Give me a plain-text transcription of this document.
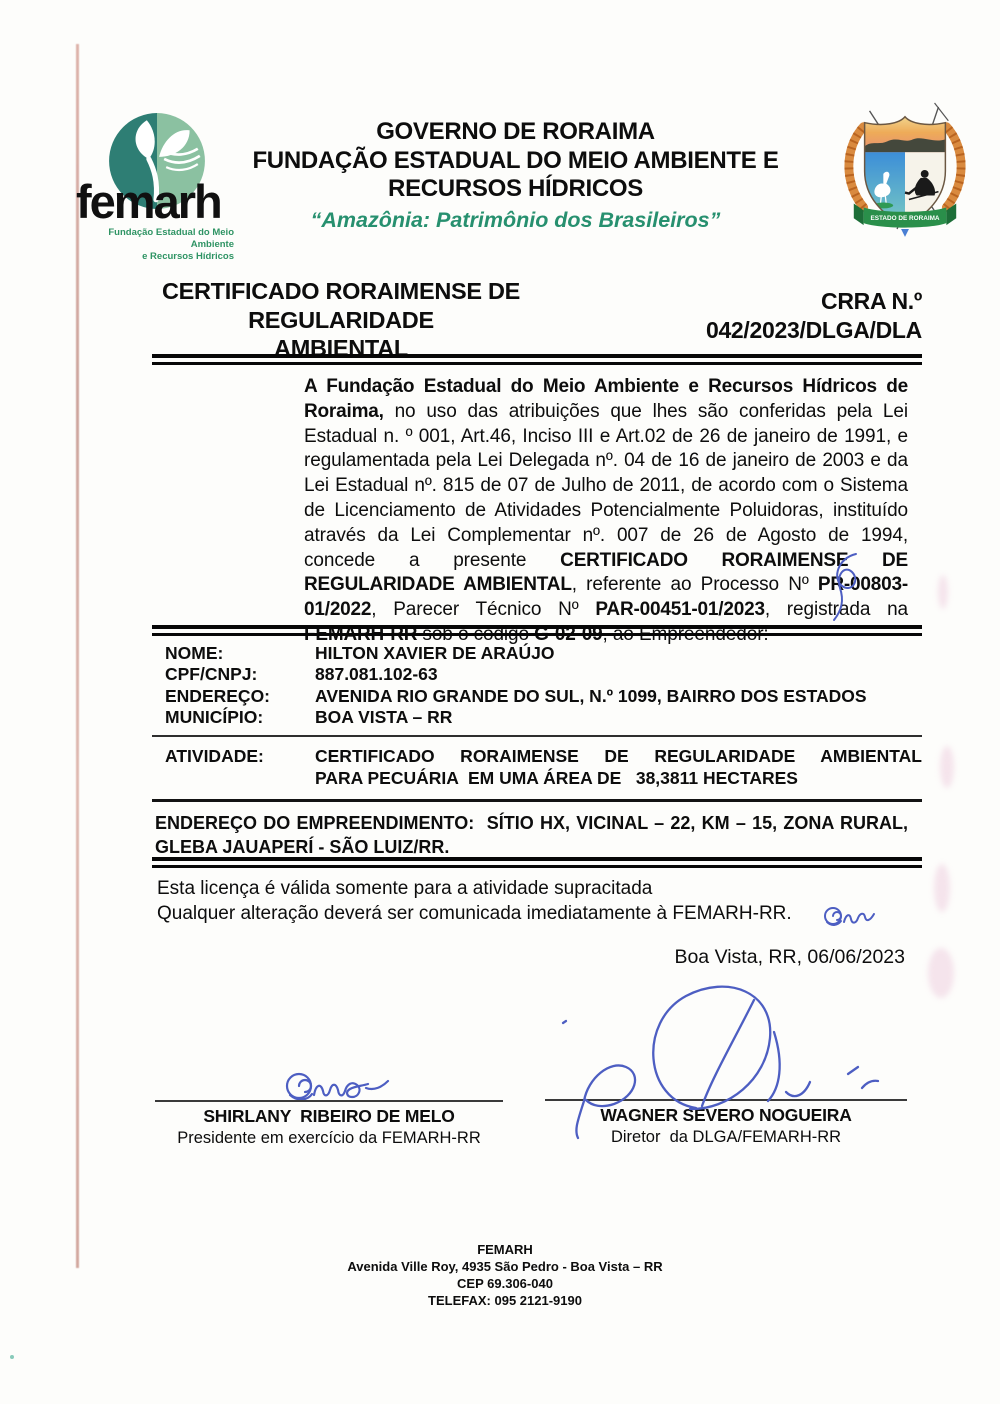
femarh
Fundação Estadual do Meio Ambiente
e Recursos Hídricos
GOVERNO DE RORAIMA
FUNDAÇÃO ESTADUAL DO MEIO AMBIENTE E
RECURSOS HÍDRICOS
“Amazônia: Patrimônio dos Brasileiros”	ESTADO DE RORAIMA
CERTIFICADO RORAIMENSE DE
REGULARIDADE
AMBIENTAL
CRRA N.º
042/2023/DLGA/DLA

A Fundação Estadual do Meio Ambiente e Recursos Hídricos de Roraima, no uso das atribuições que lhes são conferidas pela Lei Estadual n. º 001, Art.46, Inciso III e Art.02 de 26 de janeiro de 1991, e regulamentada pela Lei Delegada nº. 04 de 16 de janeiro de 2003 e da Lei Estadual nº. 815 de 07 de Julho de 2011, de acordo com o Sistema de Licenciamento de Atividades Potencialmente Poluidoras, instituído através da Lei Complementar nº. 007 de 26 de Agosto de 1994, concede a presente CERTIFICADO RORAIMENSE DE REGULARIDADE AMBIENTAL, referente ao Processo Nº PR-00803-01/2022, Parecer Técnico Nº PAR-00451-01/2023, registrada na FEMARH-RR sob o código G-02-09, ao Empreendedor:

NOME:	HILTON XAVIER DE ARAÚJO
CPF/CNPJ:	887.081.102-63
ENDEREÇO:	AVENIDA RIO GRANDE DO SUL, N.º 1099, BAIRRO DOS ESTADOS
MUNICÍPIO:	BOA VISTA – RR
ATIVIDADE:	CERTIFICADO RORAIMENSE DE REGULARIDADE AMBIENTAL
PARA PECUÁRIA  EM UMA ÁREA DE   38,3811 HECTARES
ENDEREÇO DO EMPREENDIMENTO:  SÍTIO HX, VICINAL – 22, KM – 15, ZONA RURAL,
GLEBA JAUAPERÍ - SÃO LUIZ/RR.
Esta licença é válida somente para a atividade supracitada
Qualquer alteração deverá ser comunicada imediatamente à FEMARH-RR.
Boa Vista, RR, 06/06/2023
SHIRLANY  RIBEIRO DE MELO
Presidente em exercício da FEMARH-RR
WAGNER SEVERO NOGUEIRA
Diretor  da DLGA/FEMARH-RR
FEMARH
Avenida Ville Roy, 4935 São Pedro - Boa Vista – RR
CEP 69.306-040
TELEFAX: 095 2121-9190
